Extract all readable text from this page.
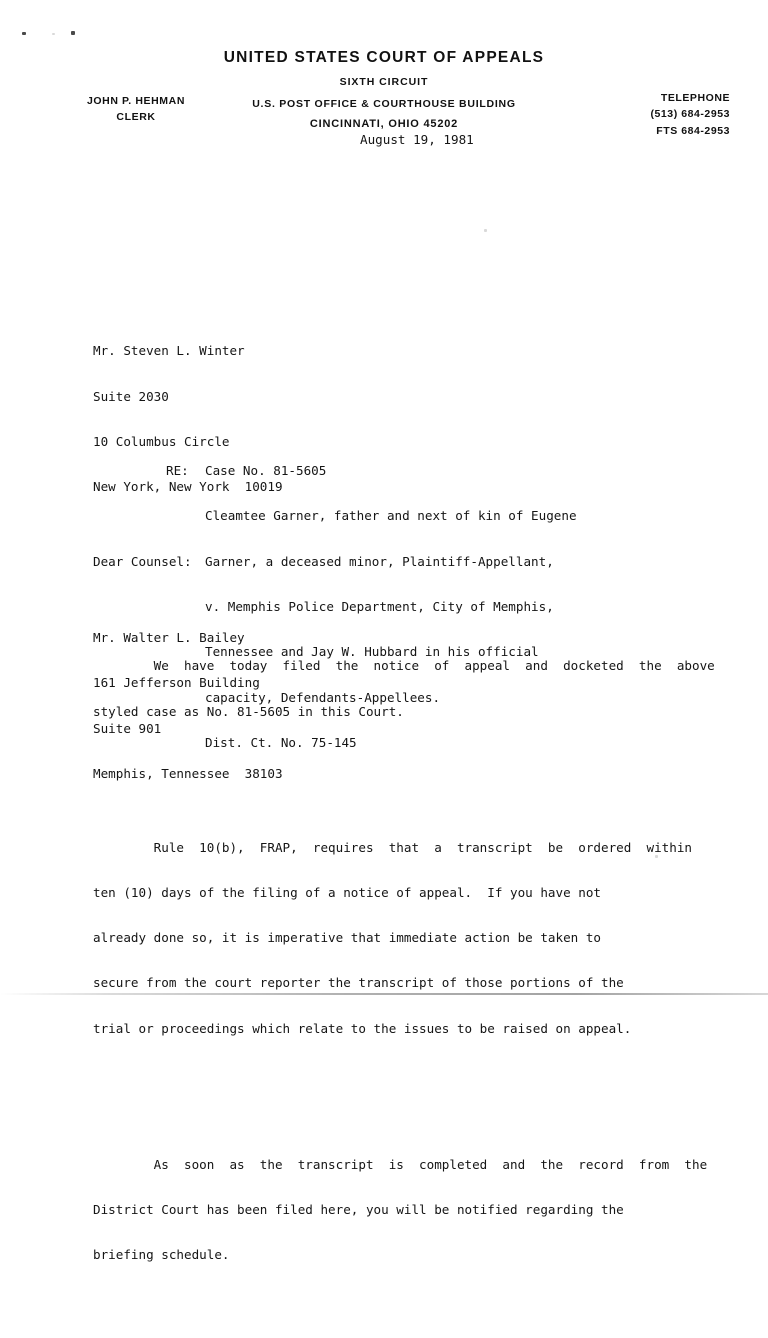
UNITED STATES COURT OF APPEALS
SIXTH CIRCUIT
U.S. POST OFFICE & COURTHOUSE BUILDING
CINCINNATI, OHIO 45202
JOHN P. HEHMAN
CLERK
TELEPHONE
(513) 684-2953
FTS 684-2953
August 19, 1981

Mr. Steven L. Winter

Suite 2030

10 Columbus Circle

New York, New York  10019

Mr. Walter L. Bailey

161 Jefferson Building

Suite 901

Memphis, Tennessee  38103

RE:	Case No. 81-5605

Cleamtee Garner, father and next of kin of Eugene

Garner, a deceased minor, Plaintiff-Appellant,

v. Memphis Police Department, City of Memphis,

Tennessee and Jay W. Hubbard in his official

capacity, Defendants-Appellees.

Dist. Ct. No. 75-145

Dear Counsel:

We  have  today  filed  the  notice  of  appeal  and  docketed  the  above

styled case as No. 81-5605 in this Court.

Rule  10(b),  FRAP,  requires  that  a  transcript  be  ordered  within

ten (10) days of the filing of a notice of appeal.  If you have not

already done so, it is imperative that immediate action be taken to

secure from the court reporter the transcript of those portions of the

trial or proceedings which relate to the issues to be raised on appeal.

As  soon  as  the  transcript  is  completed  and  the  record  from  the

District Court has been filed here, you will be notified regarding the

briefing schedule.
